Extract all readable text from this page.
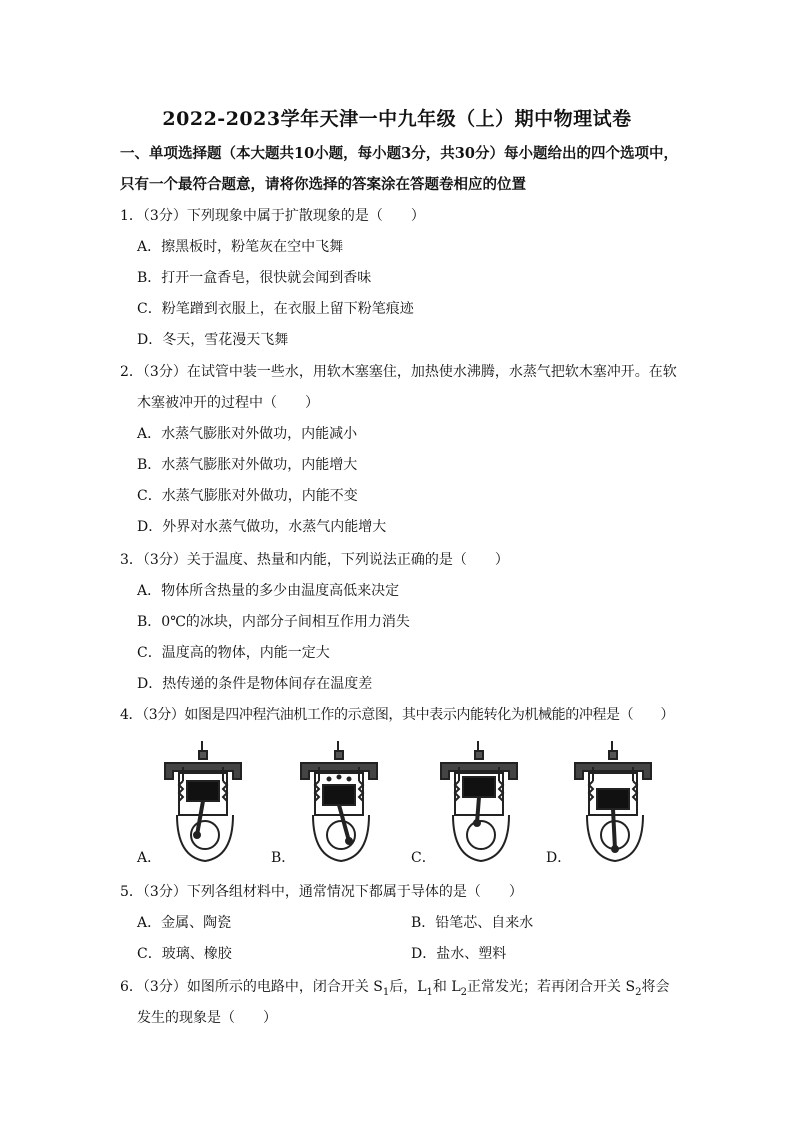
2022-2023学年天津一中九年级（上）期中物理试卷
一、单项选择题（本大题共10小题，每小题3分，共30分）每小题给出的四个选项中，
只有一个最符合题意，请将你选择的答案涂在答题卷相应的位置
1．（3分）下列现象中属于扩散现象的是（　　）
A．擦黑板时，粉笔灰在空中飞舞
B．打开一盒香皂，很快就会闻到香味
C．粉笔蹭到衣服上，在衣服上留下粉笔痕迹
D．冬天，雪花漫天飞舞
2．（3分）在试管中装一些水，用软木塞塞住，加热使水沸腾，水蒸气把软木塞冲开。在软
木塞被冲开的过程中（　　）
A．水蒸气膨胀对外做功，内能减小
B．水蒸气膨胀对外做功，内能增大
C．水蒸气膨胀对外做功，内能不变
D．外界对水蒸气做功，水蒸气内能增大
3．（3分）关于温度、热量和内能，下列说法正确的是（　　）
A．物体所含热量的多少由温度高低来决定
B．0℃的冰块，内部分子间相互作用力消失
C．温度高的物体，内能一定大
D．热传递的条件是物体间存在温度差
4．（3分）如图是四冲程汽油机工作的示意图，其中表示内能转化为机械能的冲程是（　　）
A．	B．	C．	D．
5．（3分）下列各组材料中，通常情况下都属于导体的是（　　）
A．金属、陶瓷	B．铅笔芯、自来水
C．玻璃、橡胶	D．盐水、塑料
6．（3分）如图所示的电路中，闭合开关 $S_1$后，$L_1$和 $L_2$正常发光；若再闭合开关 $S_2$将会
发生的现象是（　　）
